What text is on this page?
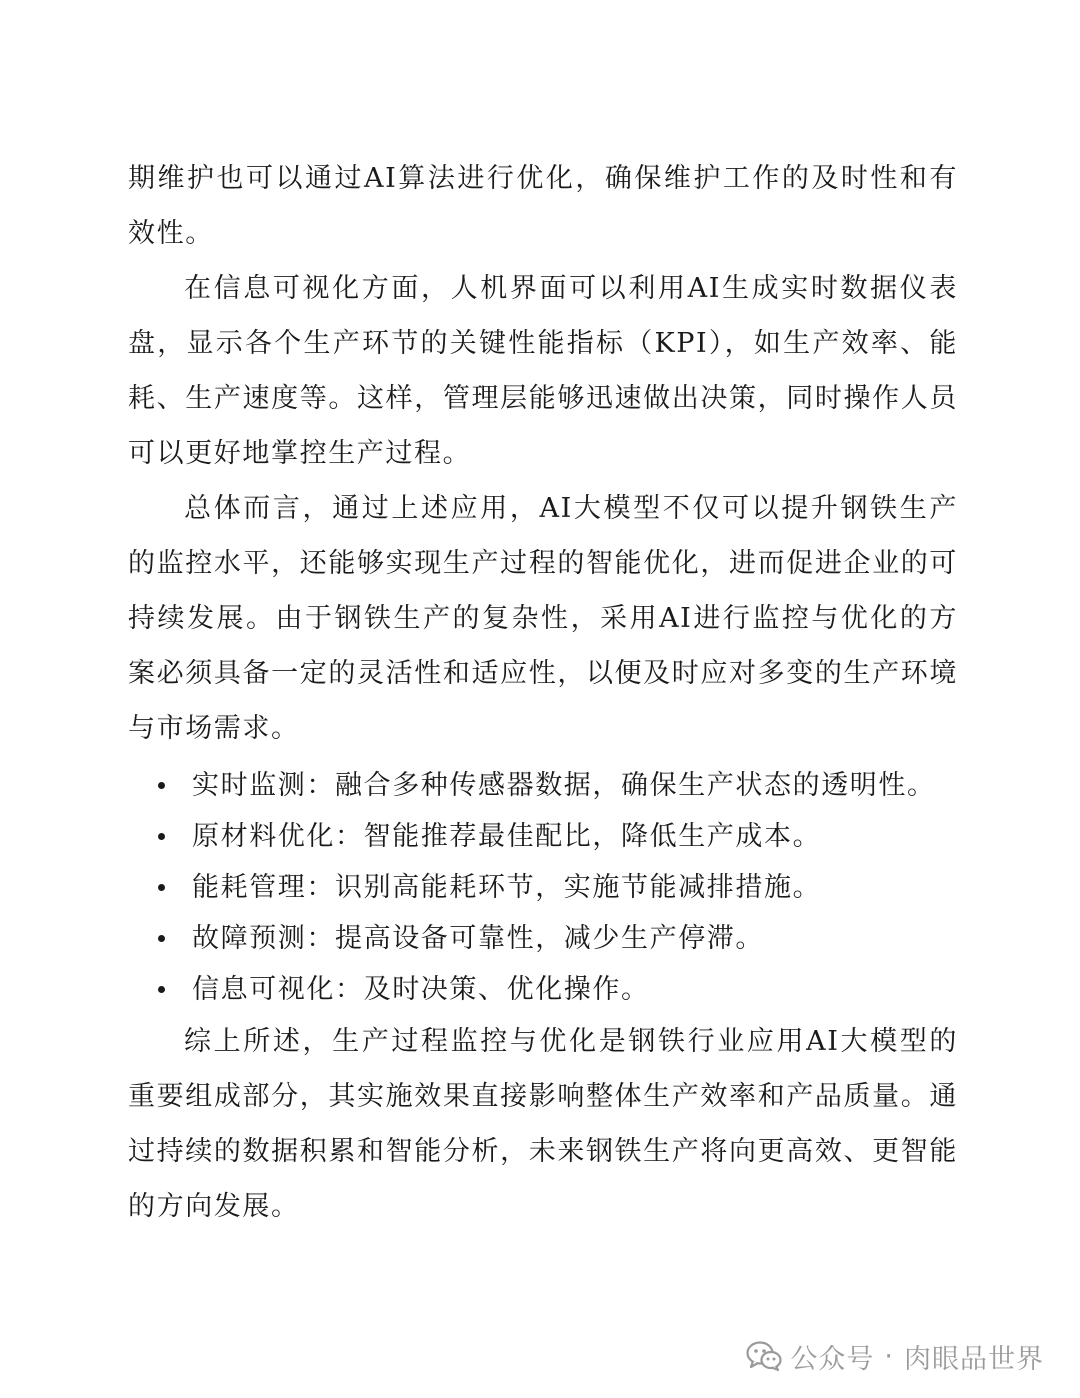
期维护也可以通过AI算法进行优化，确保维护工作的及时性和有效性。

在信息可视化方面，人机界面可以利用AI生成实时数据仪表盘，显示各个生产环节的关键性能指标（KPI），如生产效率、能耗、生产速度等。这样，管理层能够迅速做出决策，同时操作人员可以更好地掌控生产过程。

总体而言，通过上述应用，AI大模型不仅可以提升钢铁生产的监控水平，还能够实现生产过程的智能优化，进而促进企业的可持续发展。由于钢铁生产的复杂性，采用AI进行监控与优化的方案必须具备一定的灵活性和适应性，以便及时应对多变的生产环境与市场需求。

实时监测：融合多种传感器数据，确保生产状态的透明性。
原材料优化：智能推荐最佳配比，降低生产成本。
能耗管理：识别高能耗环节，实施节能减排措施。
故障预测：提高设备可靠性，减少生产停滞。
信息可视化：及时决策、优化操作。

综上所述，生产过程监控与优化是钢铁行业应用AI大模型的重要组成部分，其实施效果直接影响整体生产效率和产品质量。通过持续的数据积累和智能分析，未来钢铁生产将向更高效、更智能的方向发展。

公众号 · 肉眼品世界
